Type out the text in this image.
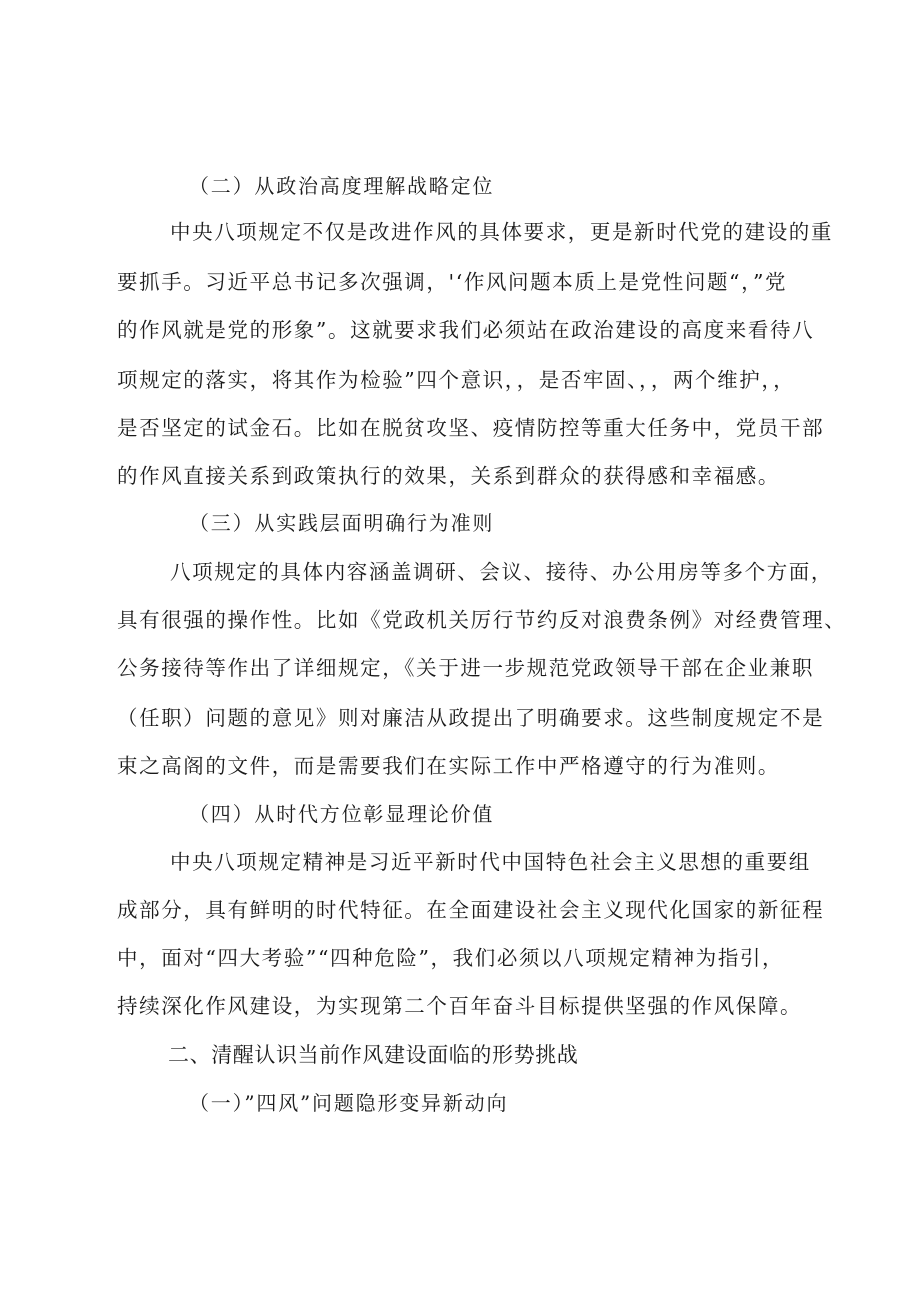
（二）从政治高度理解战略定位

中央八项规定不仅是改进作风的具体要求，更是新时代党的建设的重

要抓手。习近平总书记多次强调，'‘作风问题本质上是党性问题“，”党

的作风就是党的形象”。这就要求我们必须站在政治建设的高度来看待八

项规定的落实，将其作为检验”四个意识，，是否牢固、，，两个维护，，

是否坚定的试金石。比如在脱贫攻坚、疫情防控等重大任务中，党员干部

的作风直接关系到政策执行的效果，关系到群众的获得感和幸福感。

（三）从实践层面明确行为准则

八项规定的具体内容涵盖调研、会议、接待、办公用房等多个方面，

具有很强的操作性。比如《党政机关厉行节约反对浪费条例》对经费管理、

公务接待等作出了详细规定，《关于进一步规范党政领导干部在企业兼职

（任职）问题的意见》则对廉洁从政提出了明确要求。这些制度规定不是

束之高阁的文件，而是需要我们在实际工作中严格遵守的行为准则。

（四）从时代方位彰显理论价值

中央八项规定精神是习近平新时代中国特色社会主义思想的重要组

成部分，具有鲜明的时代特征。在全面建设社会主义现代化国家的新征程

中，面对“四大考验”“四种危险”，我们必须以八项规定精神为指引，

持续深化作风建设，为实现第二个百年奋斗目标提供坚强的作风保障。

二、清醒认识当前作风建设面临的形势挑战

（一）”四风”问题隐形变异新动向
